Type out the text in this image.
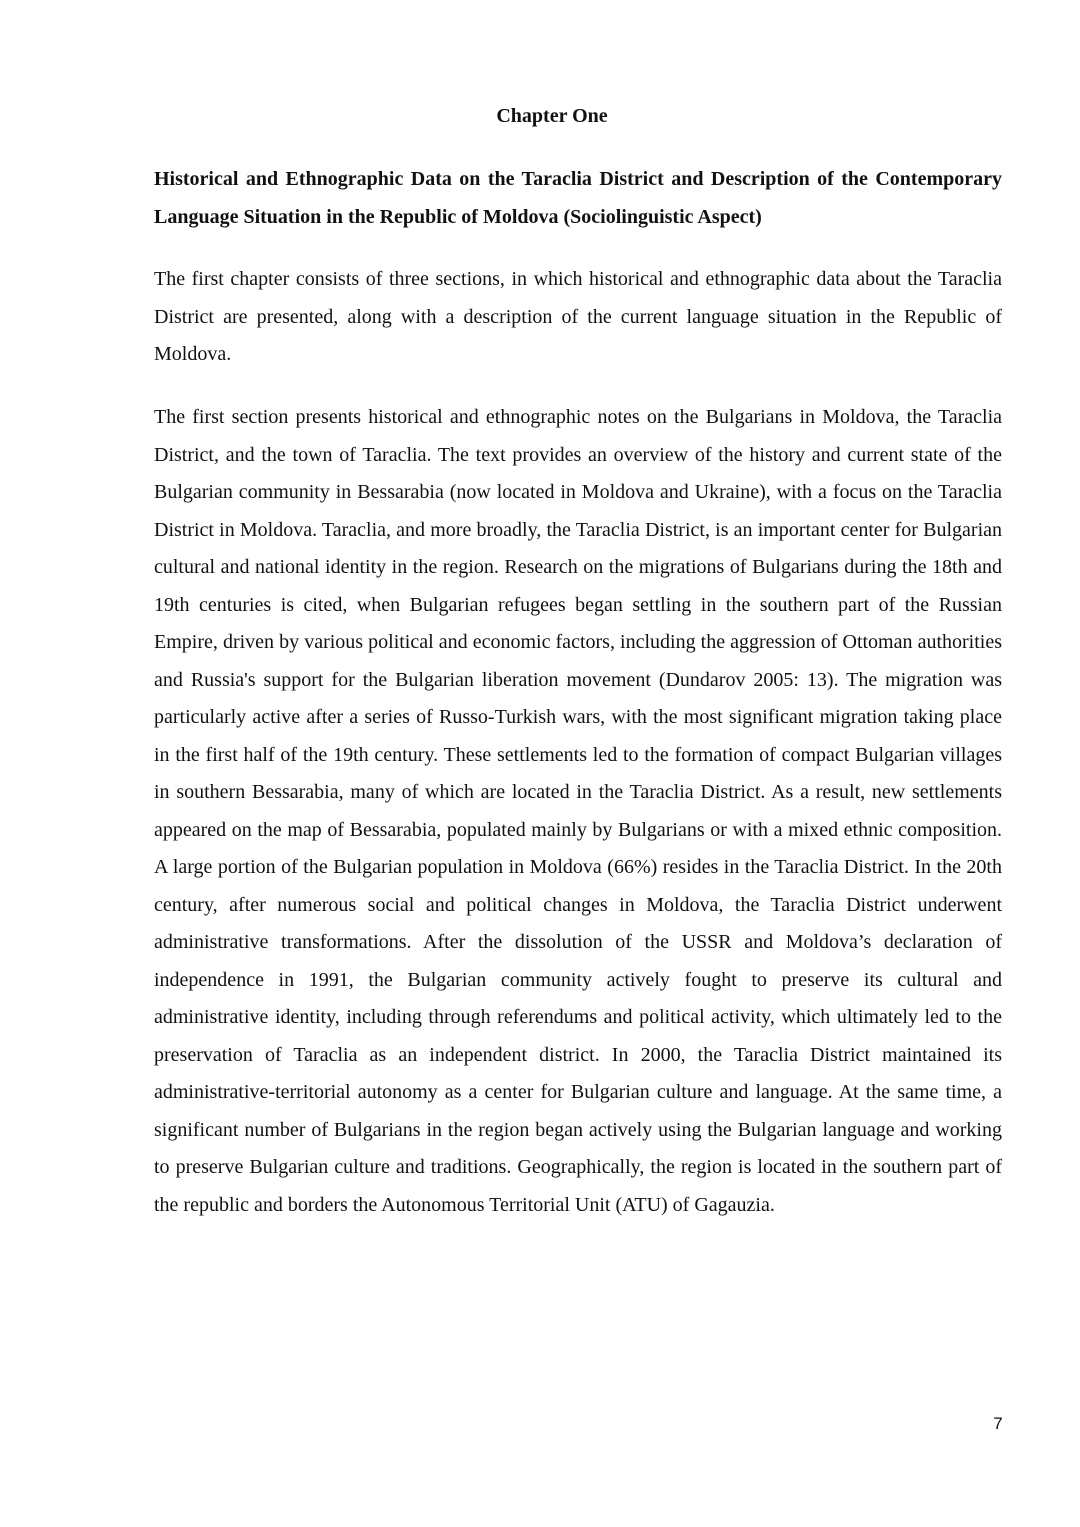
Chapter One
Historical and Ethnographic Data on the Taraclia District and Description of the Contemporary Language Situation in the Republic of Moldova (Sociolinguistic Aspect)

The first chapter consists of three sections, in which historical and ethnographic data about the Taraclia District are presented, along with a description of the current language situation in the Republic of Moldova.

The first section presents historical and ethnographic notes on the Bulgarians in Moldova, the Taraclia District, and the town of Taraclia. The text provides an overview of the history and current state of the Bulgarian community in Bessarabia (now located in Moldova and Ukraine), with a focus on the Taraclia District in Moldova. Taraclia, and more broadly, the Taraclia District, is an important center for Bulgarian cultural and national identity in the region. Research on the migrations of Bulgarians during the 18th and 19th centuries is cited, when Bulgarian refugees began settling in the southern part of the Russian Empire, driven by various political and economic factors, including the aggression of Ottoman authorities and Russia's support for the Bulgarian liberation movement (Dundarov 2005: 13). The migration was particularly active after a series of Russo-Turkish wars, with the most significant migration taking place in the first half of the 19th century. These settlements led to the formation of compact Bulgarian villages in southern Bessarabia, many of which are located in the Taraclia District. As a result, new settlements appeared on the map of Bessarabia, populated mainly by Bulgarians or with a mixed ethnic composition. A large portion of the Bulgarian population in Moldova (66%) resides in the Taraclia District. In the 20th century, after numerous social and political changes in Moldova, the Taraclia District underwent administrative transformations. After the dissolution of the USSR and Moldova’s declaration of independence in 1991, the Bulgarian community actively fought to preserve its cultural and administrative identity, including through referendums and political activity, which ultimately led to the preservation of Taraclia as an independent district. In 2000, the Taraclia District maintained its administrative-territorial autonomy as a center for Bulgarian culture and language. At the same time, a significant number of Bulgarians in the region began actively using the Bulgarian language and working to preserve Bulgarian culture and traditions. Geographically, the region is located in the southern part of the republic and borders the Autonomous Territorial Unit (ATU) of Gagauzia.

7
